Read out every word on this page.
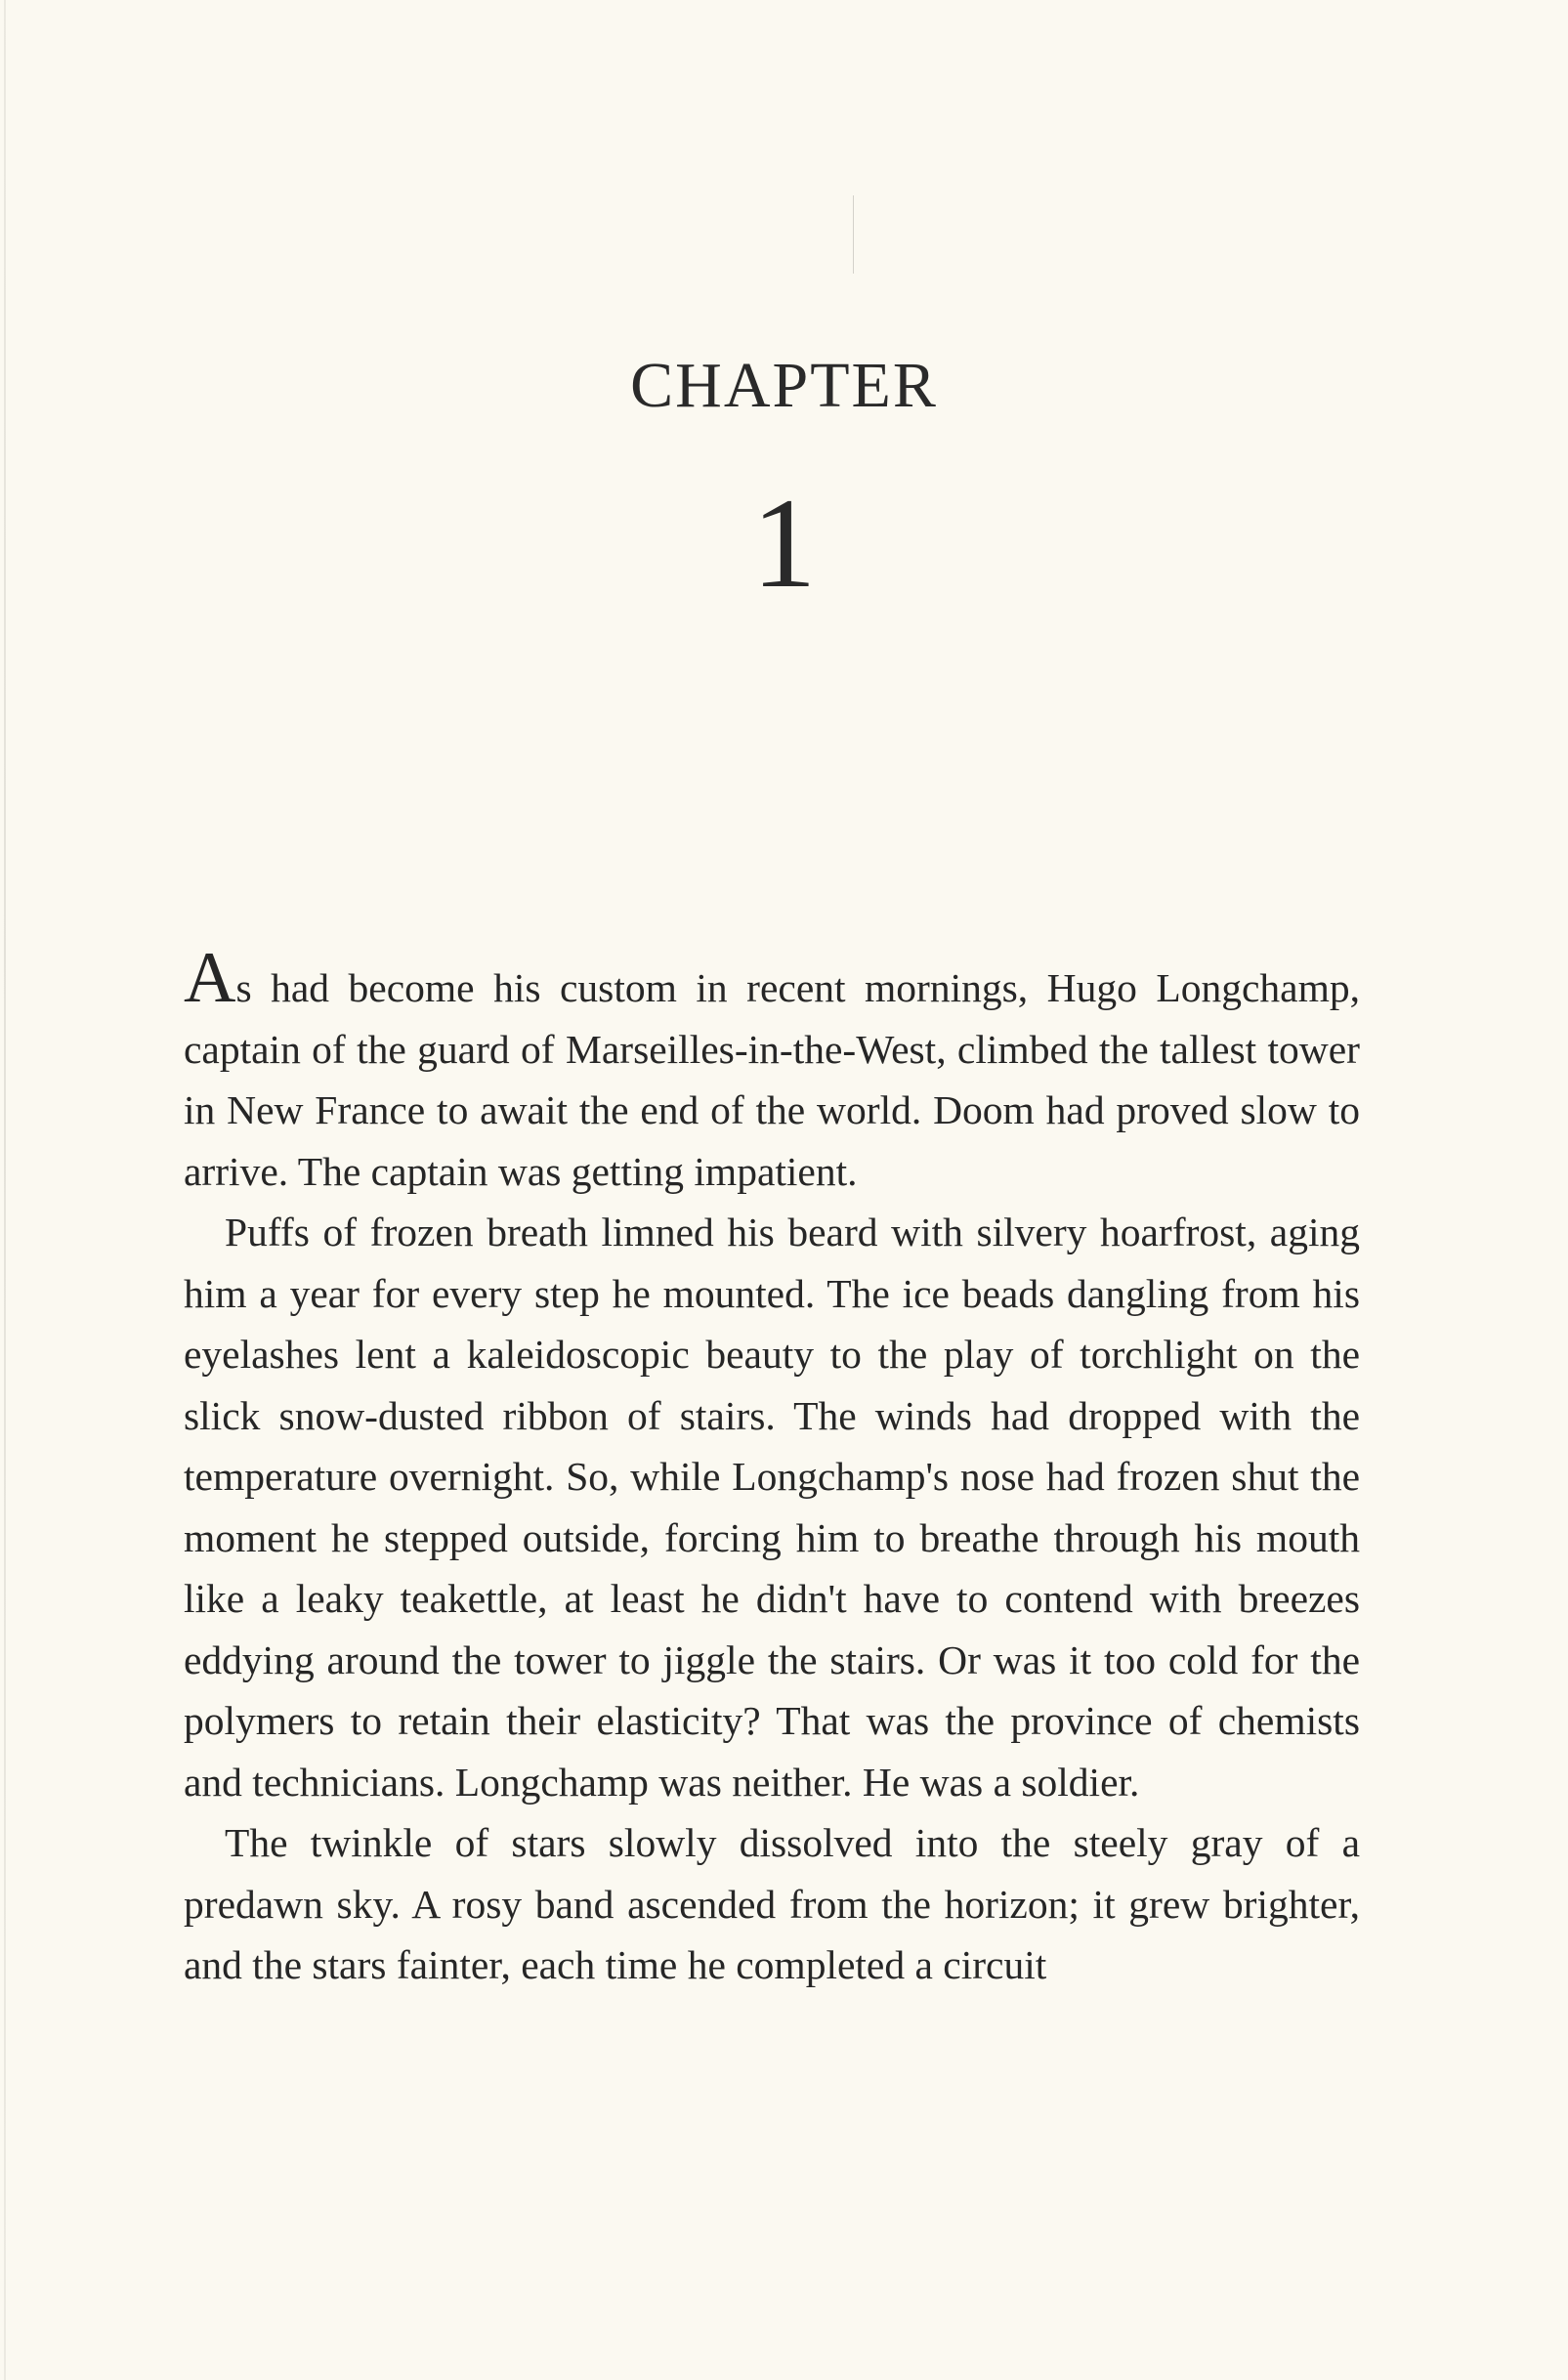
CHAPTER
1

As had become his custom in recent mornings, Hugo Longchamp, captain of the guard of Marseilles-in-the-West, climbed the tallest tower in New France to await the end of the world. Doom had proved slow to arrive. The captain was getting impatient.

Puffs of frozen breath limned his beard with silvery hoarfrost, aging him a year for every step he mounted. The ice beads dangling from his eyelashes lent a kaleidoscopic beauty to the play of torchlight on the slick snow-dusted ribbon of stairs. The winds had dropped with the temperature overnight. So, while Longchamp's nose had frozen shut the moment he stepped outside, forcing him to breathe through his mouth like a leaky teakettle, at least he didn't have to contend with breezes eddying around the tower to jiggle the stairs. Or was it too cold for the polymers to retain their elasticity? That was the province of chemists and technicians. Longchamp was neither. He was a soldier.

The twinkle of stars slowly dissolved into the steely gray of a predawn sky. A rosy band ascended from the horizon; it grew brighter, and the stars fainter, each time he completed a circuit
